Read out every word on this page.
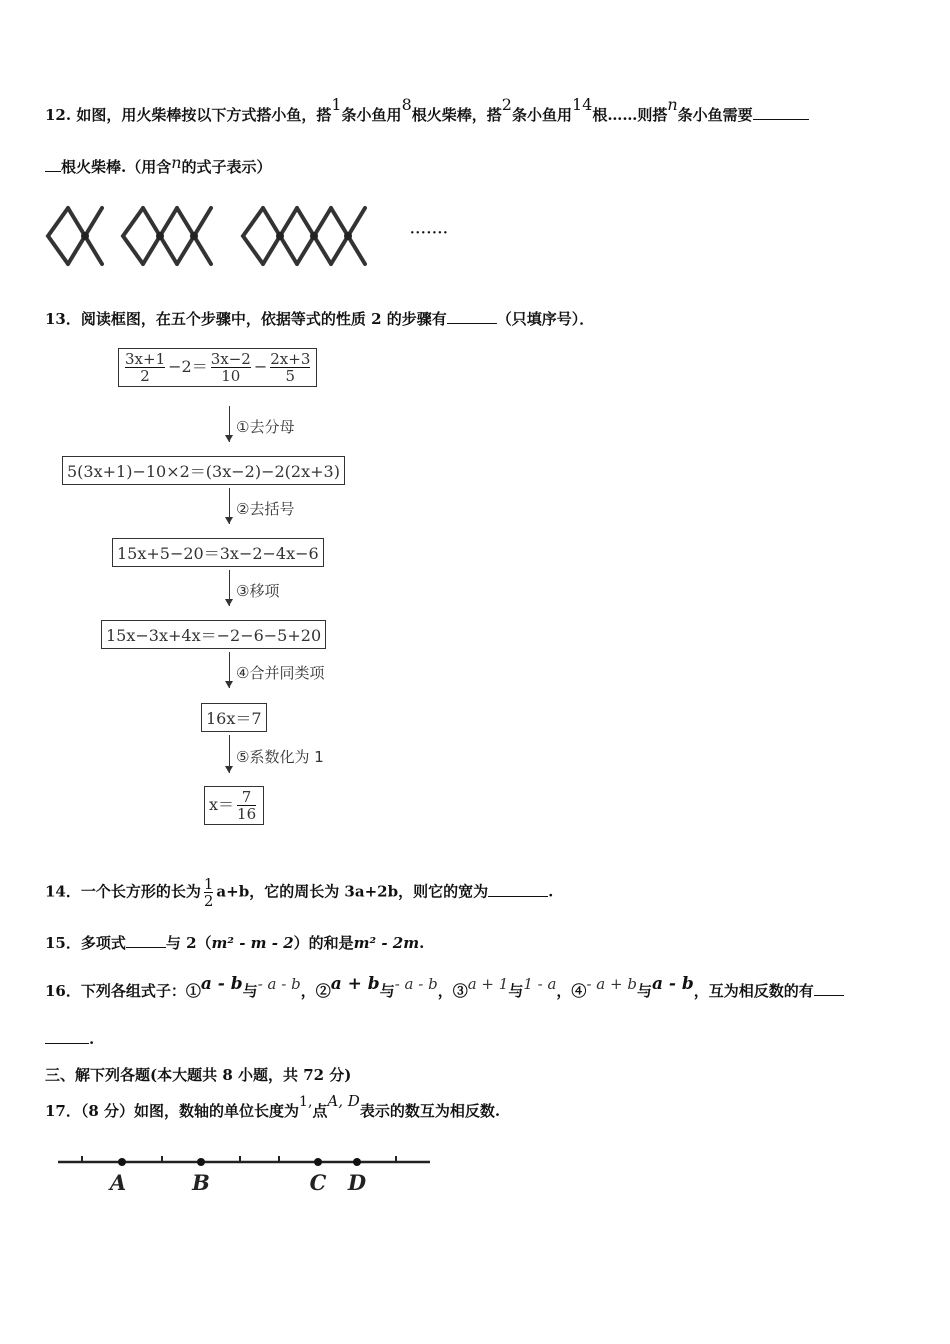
12. 如图，用火柴棒按以下方式搭小鱼，搭1条小鱼用8根火柴棒，搭2条小鱼用14根……则搭n条小鱼需要
根火柴棒.（用含n的式子表示）
·······
13．阅读框图，在五个步骤中，依据等式的性质 2 的步骤有	（只填序号）．
$\frac{3x+1}{2} -2= \frac{3x-2}{10} - \frac{2x+3}{5}$
①去分母
5(3x+1)−10×2＝(3x−2)−2(2x+3)
②去括号
15x+5−20＝3x−2−4x−6
③移项
15x−3x+4x＝−2−6−5+20
④合并同类项
16x＝7
⑤系数化为 1
$x= \frac{7}{16}$
14．一个长方形的长为 $\frac{1}{2} a+b$，它的周长为 3a+2b，则它的宽为	.
15．多项式	与 2（m² - m - 2）的和是m² - 2m.
16．下列各组式子：①a - b与- a - b，②a + b与- a - b，③a + 1与1 - a，④- a + b与a - b，互为相反数的有
.
三、解下列各题(本大题共 8 小题，共 72 分)
17．（8 分）如图，数轴的单位长度为1,点A, D表示的数互为相反数.
A	B	C D
